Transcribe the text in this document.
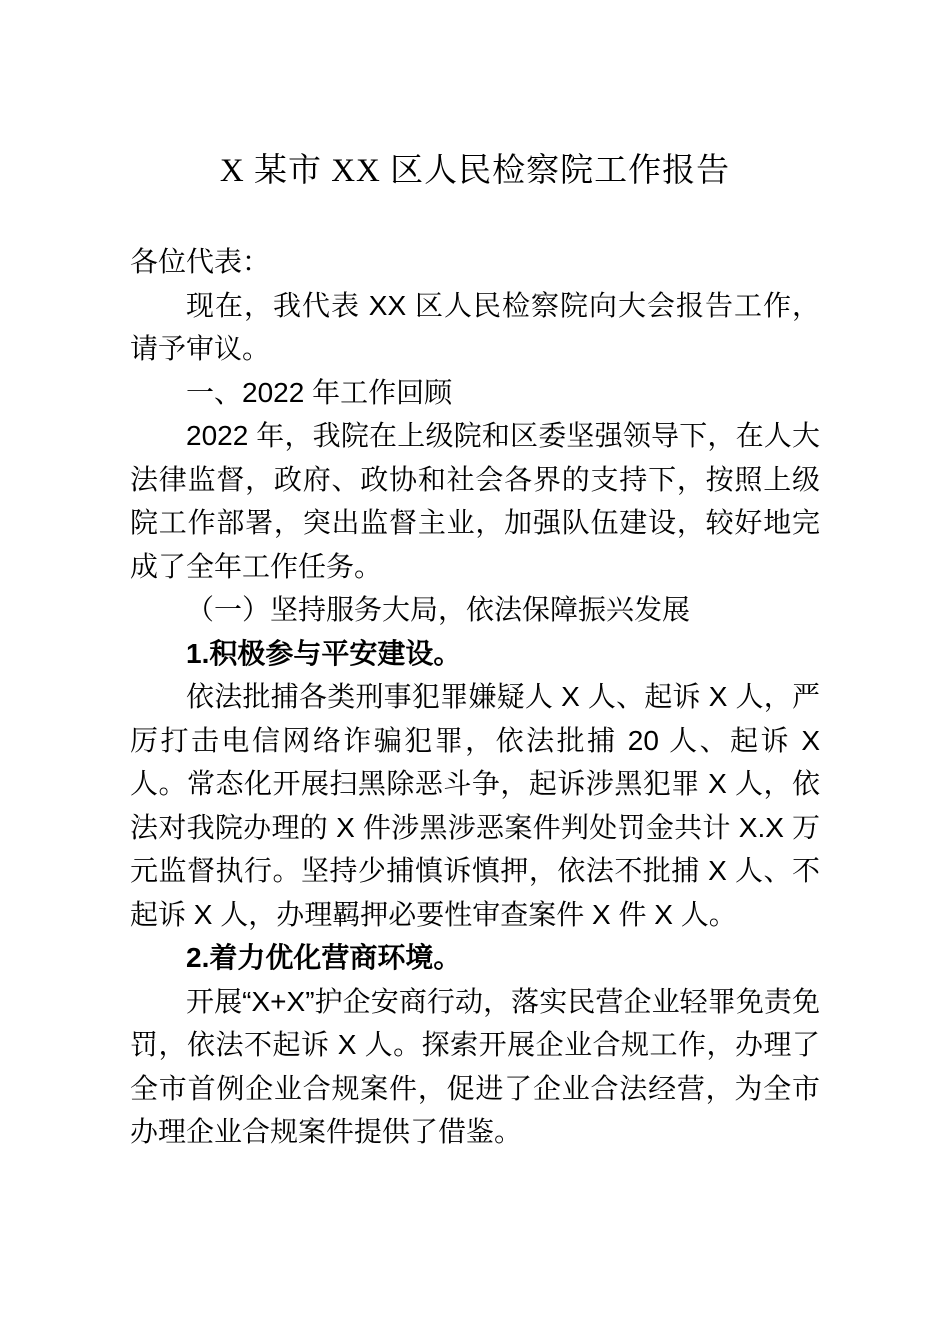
X 某市 XX 区人民检察院工作报告

各位代表：

现在，我代表 XX 区人民检察院向大会报告工作，请予审议。

一、2022 年工作回顾

2022 年，我院在上级院和区委坚强领导下，在人大法律监督，政府、政协和社会各界的支持下，按照上级院工作部署，突出监督主业，加强队伍建设，较好地完成了全年工作任务。

（一）坚持服务大局，依法保障振兴发展

1.积极参与平安建设。

依法批捕各类刑事犯罪嫌疑人 X 人、起诉 X 人，严厉打击电信网络诈骗犯罪，依法批捕 20 人、起诉 X 人。常态化开展扫黑除恶斗争，起诉涉黑犯罪 X 人，依法对我院办理的 X 件涉黑涉恶案件判处罚金共计 X.X 万元监督执行。坚持少捕慎诉慎押，依法不批捕 X 人、不起诉 X 人，办理羁押必要性审查案件 X 件 X 人。

2.着力优化营商环境。

开展“X+X”护企安商行动，落实民营企业轻罪免责免 罚，依法不起诉 X 人。探索开展企业合规工作，办理了全市首例企业合规案件，促进了企业合法经营，为全市办理企业合规案件提供了借鉴。
